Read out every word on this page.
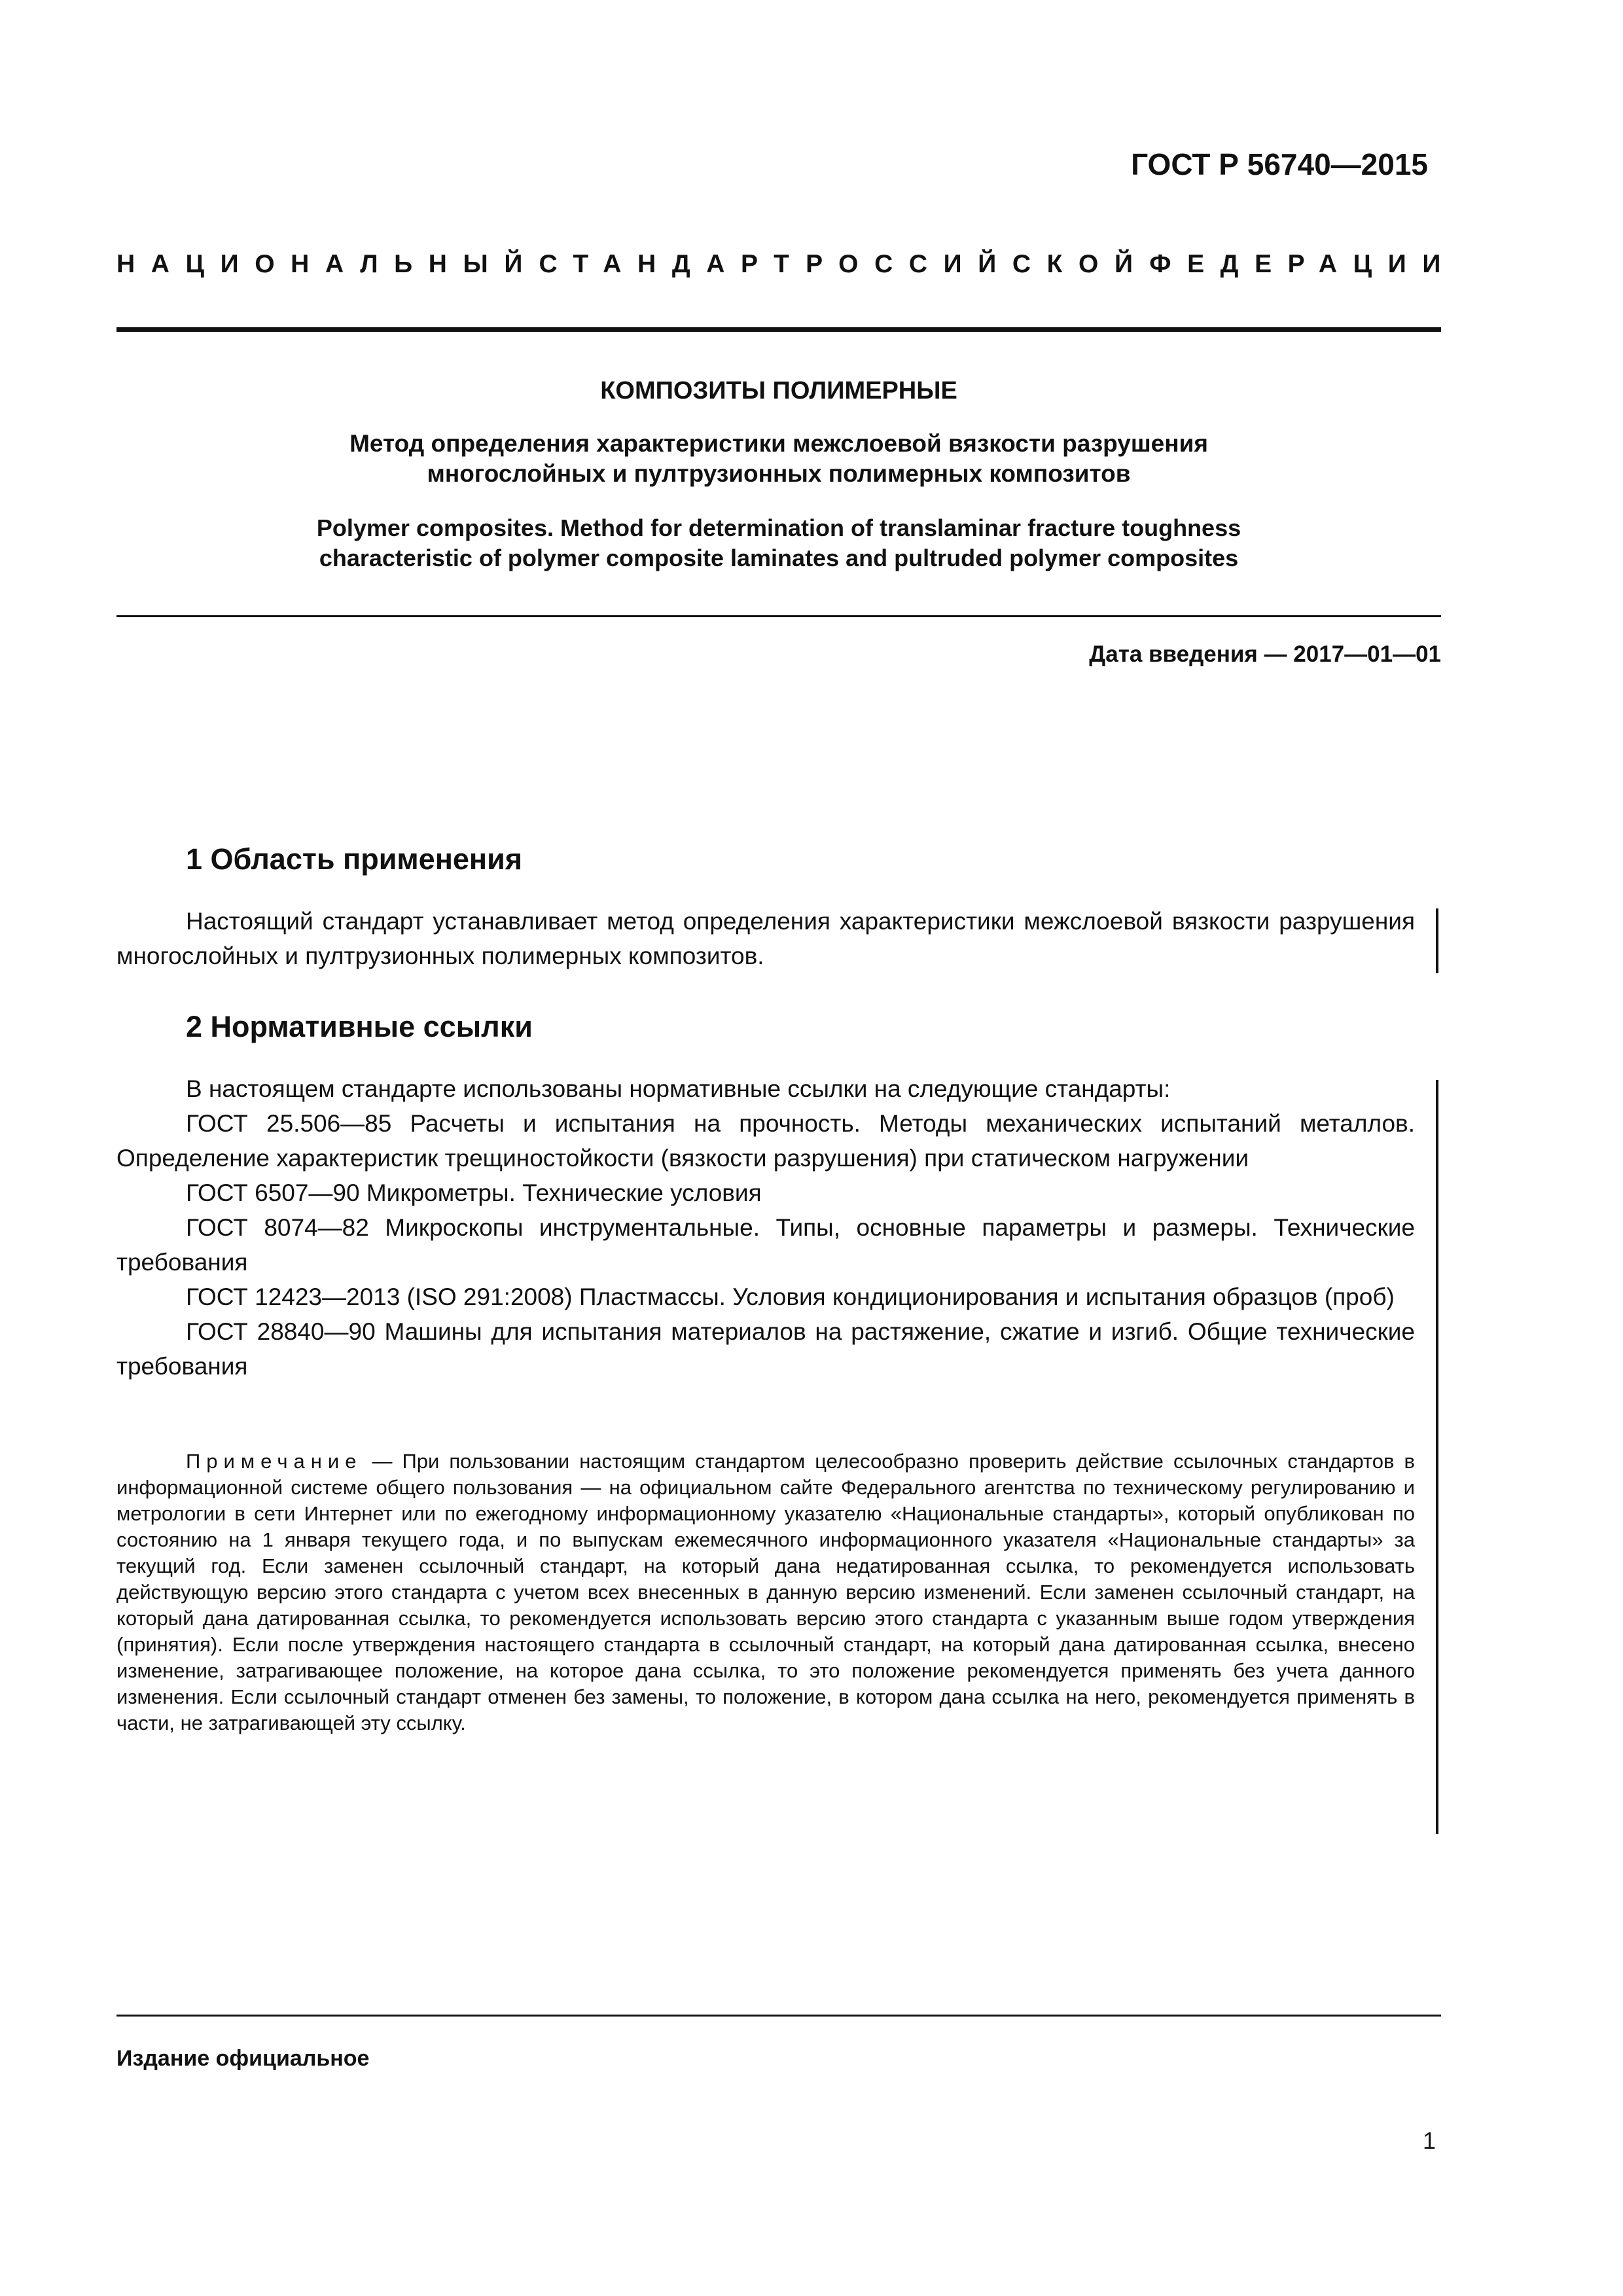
ГОСТ Р 56740—2015
НАЦИОНАЛЬНЫЙ СТАНДАРТ РОССИЙСКОЙ ФЕДЕРАЦИИ
КОМПОЗИТЫ ПОЛИМЕРНЫЕ
Метод определения характеристики межслоевой вязкости разрушения
многослойных и пултрузионных полимерных композитов
Polymer composites. Method for determination of translaminar fracture toughness
characteristic of polymer composite laminates and pultruded polymer composites
Дата введения — 2017—01—01
1 Область применения

Настоящий стандарт устанавливает метод определения характеристики межслоевой вязкости разрушения многослойных и пултрузионных полимерных композитов.

2 Нормативные ссылки

В настоящем стандарте использованы нормативные ссылки на следующие стандарты:

ГОСТ 25.506—85 Расчеты и испытания на прочность. Методы механических испытаний металлов. Определение характеристик трещиностойкости (вязкости разрушения) при статическом нагружении

ГОСТ 6507—90 Микрометры. Технические условия

ГОСТ 8074—82 Микроскопы инструментальные. Типы, основные параметры и размеры. Технические требования

ГОСТ 12423—2013 (ISO 291:2008) Пластмассы. Условия кондиционирования и испытания образцов (проб)

ГОСТ 28840—90 Машины для испытания материалов на растяжение, сжатие и изгиб. Общие технические требования

Примечание — При пользовании настоящим стандартом целесообразно проверить действие ссылочных стандартов в информационной системе общего пользования — на официальном сайте Федерального агентства по техническому регулированию и метрологии в сети Интернет или по ежегодному информационному указателю «Национальные стандарты», который опубликован по состоянию на 1 января текущего года, и по выпускам ежемесячного информационного указателя «Национальные стандарты» за текущий год. Если заменен ссылочный стандарт, на который дана недатированная ссылка, то рекомендуется использовать действующую версию этого стандарта с учетом всех внесенных в данную версию изменений. Если заменен ссылочный стандарт, на который дана датированная ссылка, то рекомендуется использовать версию этого стандарта с указанным выше годом утверждения (принятия). Если после утверждения настоящего стандарта в ссылочный стандарт, на который дана датированная ссылка, внесено изменение, затрагивающее положение, на которое дана ссылка, то это положение рекомендуется применять без учета данного изменения. Если ссылочный стандарт отменен без замены, то положение, в котором дана ссылка на него, рекомендуется применять в части, не затрагивающей эту ссылку.
Издание официальное
1
